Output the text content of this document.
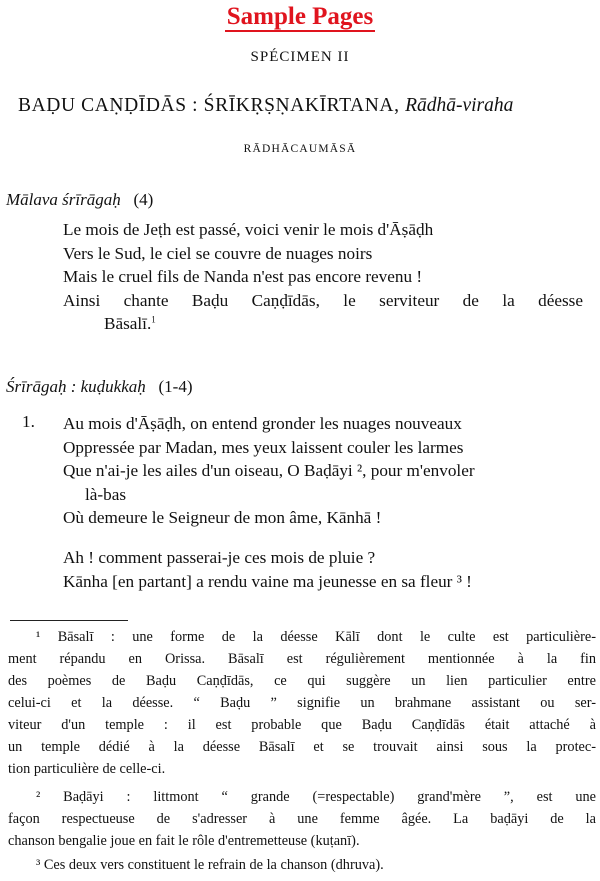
Sample Pages
SPÉCIMEN II
BAḌU CAṆḌĪDĀS : ŚRĪKṚṢṆAKĪRTANA, Rādhā-viraha
RĀDHĀCAUMĀSĀ
Mālava śrīrāgaḥ (4)
Le mois de Jeṭh est passé, voici venir le mois d'Āṣāḍh
Vers le Sud, le ciel se couvre de nuages noirs
Mais le cruel fils de Nanda n'est pas encore revenu !
Ainsi chante Baḍu Caṇḍīdās, le serviteur de la déesse
Bāsalī.$^1$
Śrīrāgaḥ : kuḍukkaḥ (1-4)
1. Au mois d'Āṣāḍh, on entend gronder les nuages nouveaux
Oppressée par Madan, mes yeux laissent couler les larmes
Que n'ai-je les ailes d'un oiseau, O Baḍāyi ², pour m'envoler
là-bas
Où demeure le Seigneur de mon âme, Kānhā !
Ah ! comment passerai-je ces mois de pluie ?
Kānha [en partant] a rendu vaine ma jeunesse en sa fleur ³ !
¹ Bāsalī : une forme de la déesse Kālī dont le culte est particulière-
ment répandu en Orissa. Bāsalī est régulièrement mentionnée à la fin
des poèmes de Baḍu Caṇḍīdās, ce qui suggère un lien particulier entre
celui-ci et la déesse. “ Baḍu ” signifie un brahmane assistant ou ser-
viteur d'un temple : il est probable que Baḍu Caṇḍīdās était attaché à
un temple dédié à la déesse Bāsalī et se trouvait ainsi sous la protec-
tion particulière de celle-ci.
² Baḍāyi : littmont “ grande (=respectable) grand'mère ”, est une
façon respectueuse de s'adresser à une femme âgée. La baḍāyi de la
chanson bengalie joue en fait le rôle d'entremetteuse (kuṭanī).
³ Ces deux vers constituent le refrain de la chanson (dhruva).
